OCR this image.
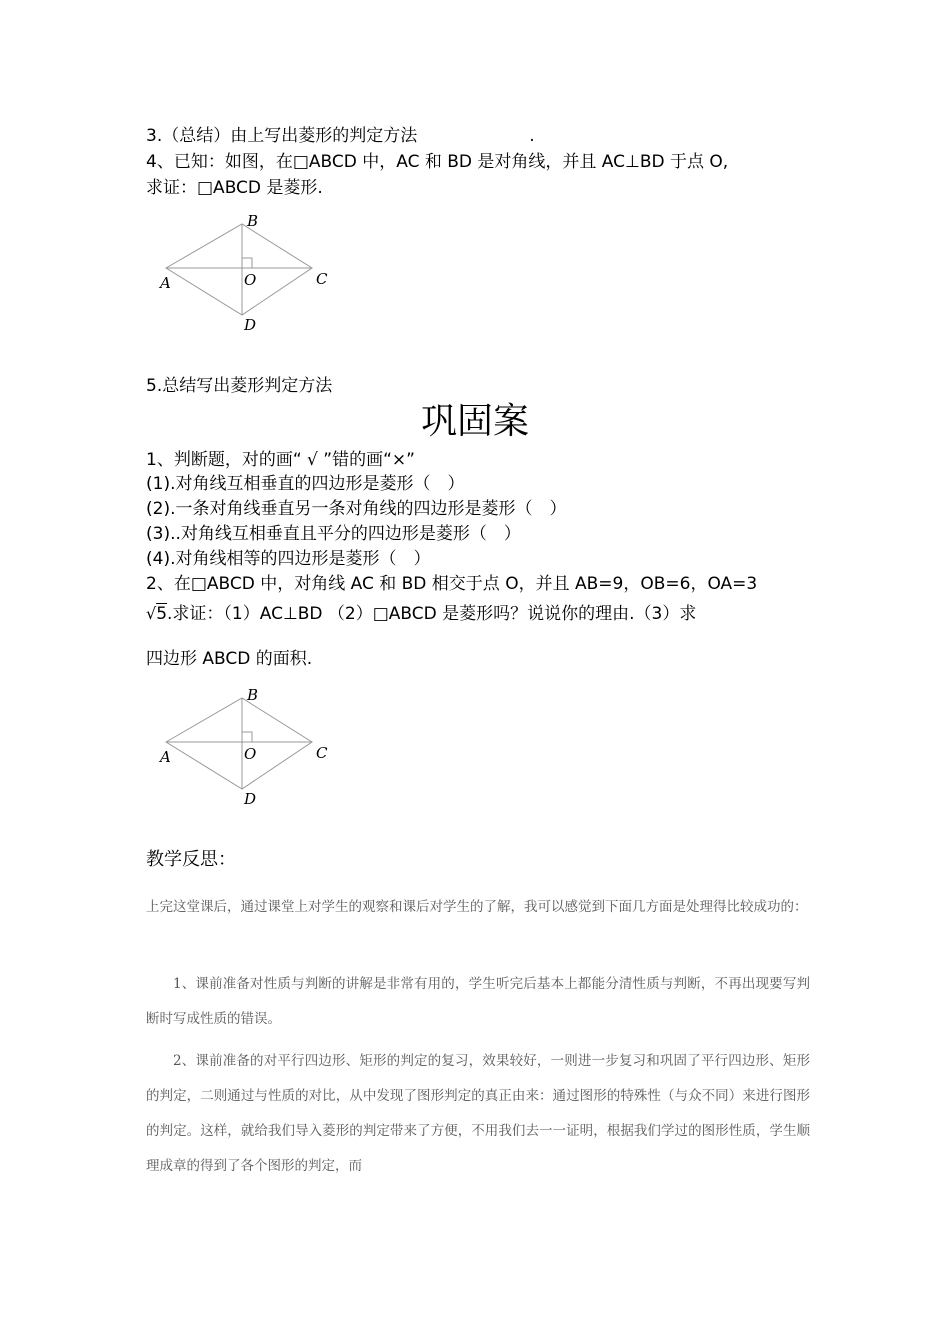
3.（总结）由上写出菱形的判定方法	.
4、已知：如图，在□ABCD 中，AC 和 BD 是对角线，并且 AC⊥BD 于点 O,
求证：□ABCD 是菱形.
B
A	O	C
D
5.总结写出菱形判定方法
巩固案
1、判断题，对的画“ √ ”错的画“×”
(1).对角线互相垂直的四边形是菱形（　）
(2).一条对角线垂直另一条对角线的四边形是菱形（　）
(3)..对角线互相垂直且平分的四边形是菱形（　）
(4).对角线相等的四边形是菱形（　）
2、在□ABCD 中，对角线 AC 和 BD 相交于点 O，并且 AB=9，OB=6，OA=3
√5.求证：（1）AC⊥BD （2）□ABCD 是菱形吗？说说你的理由.（3）求
四边形 ABCD 的面积.
B
A	O	C
D
教学反思：
上完这堂课后，通过课堂上对学生的观察和课后对学生的了解，我可以感觉到下面几方面是处理得比较成功的：
1、课前准备对性质与判断的讲解是非常有用的，学生听完后基本上都能分清性质与判断，不再出现要写判断时写成性质的错误。
2、课前准备的对平行四边形、矩形的判定的复习，效果较好，一则进一步复习和巩固了平行四边形、矩形的判定，二则通过与性质的对比，从中发现了图形判定的真正由来：通过图形的特殊性（与众不同）来进行图形的判定。这样，就给我们导入菱形的判定带来了方便，不用我们去一一证明，根据我们学过的图形性质，学生顺理成章的得到了各个图形的判定，而
